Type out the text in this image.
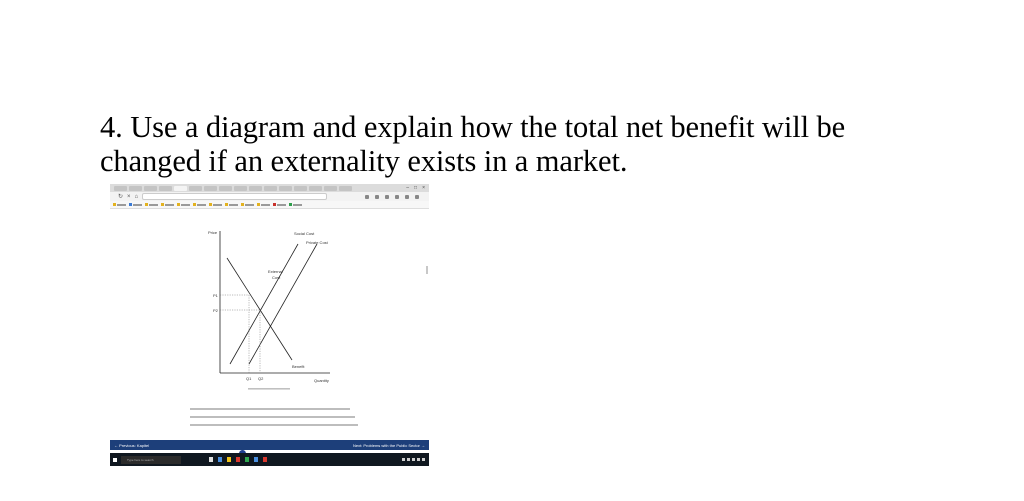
4. Use a diagram and explain how the total net benefit will be
changed if an externality exists in a market.
– □ ×
↻ × ⌂
Price
Quantity
Social Cost
Private Cost
External
Cost
Benefit
P1
P2
Q1 Q2
← Previous: Kapitel	Next: Problems with the Public Sector →
Type here to search
